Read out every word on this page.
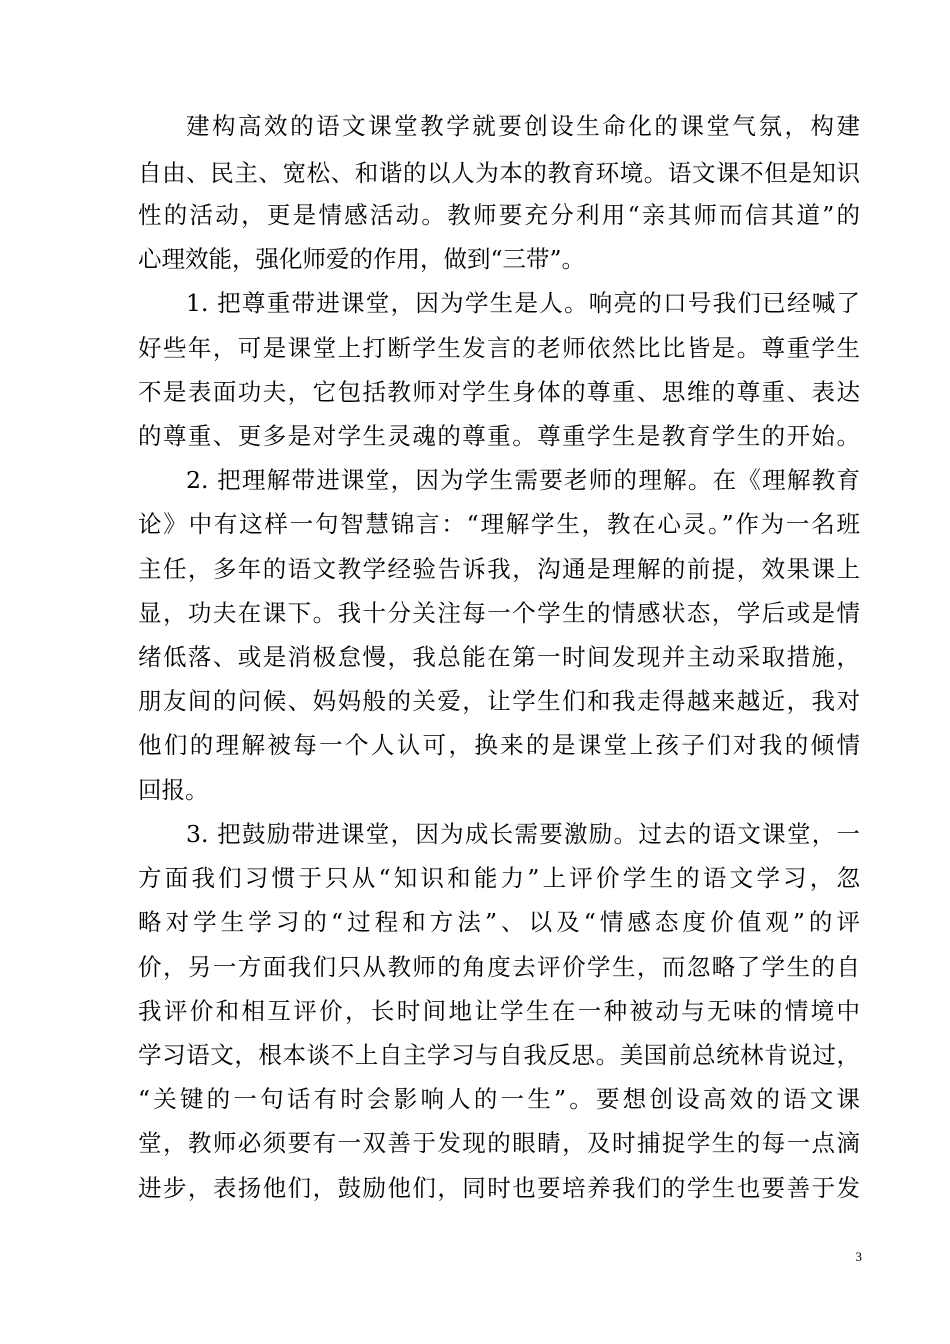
建构高效的语文课堂教学就要创设生命化的课堂气氛，构建
自由、民主、宽松、和谐的以人为本的教育环境。语文课不但是知识
性的活动，更是情感活动。教师要充分利用“亲其师而信其道”的
心理效能，强化师爱的作用，做到“三带”。
1. 把尊重带进课堂，因为学生是人。响亮的口号我们已经喊了
好些年，可是课堂上打断学生发言的老师依然比比皆是。尊重学生
不是表面功夫，它包括教师对学生身体的尊重、思维的尊重、表达
的尊重、更多是对学生灵魂的尊重。尊重学生是教育学生的开始。
2. 把理解带进课堂，因为学生需要老师的理解。在《理解教育
论》中有这样一句智慧锦言：“理解学生，教在心灵。”作为一名班
主任，多年的语文教学经验告诉我，沟通是理解的前提，效果课上
显，功夫在课下。我十分关注每一个学生的情感状态，学后或是情
绪低落、或是消极怠慢，我总能在第一时间发现并主动采取措施，
朋友间的问候、妈妈般的关爱，让学生们和我走得越来越近，我对
他们的理解被每一个人认可，换来的是课堂上孩子们对我的倾情
回报。
3. 把鼓励带进课堂，因为成长需要激励。过去的语文课堂，一
方面我们习惯于只从“知识和能力”上评价学生的语文学习，忽
略对学生学习的“过程和方法”、以及“情感态度价值观”的评
价，另一方面我们只从教师的角度去评价学生，而忽略了学生的自
我评价和相互评价，长时间地让学生在一种被动与无味的情境中
学习语文，根本谈不上自主学习与自我反思。美国前总统林肯说过，
“关键的一句话有时会影响人的一生”。要想创设高效的语文课
堂，教师必须要有一双善于发现的眼睛，及时捕捉学生的每一点滴
进步，表扬他们，鼓励他们，同时也要培养我们的学生也要善于发
3
